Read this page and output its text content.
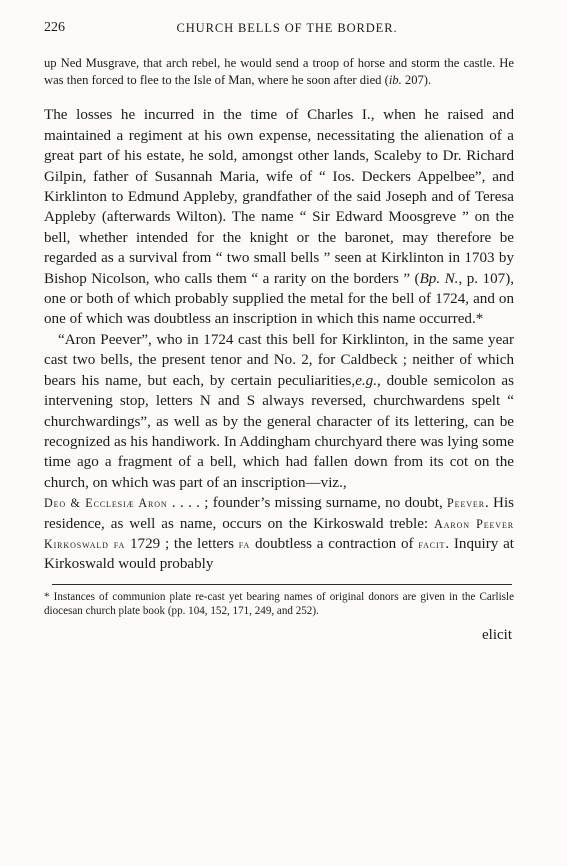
226	CHURCH BELLS OF THE BORDER.
up Ned Musgrave, that arch rebel, he would send a troop of horse and storm the castle. He was then forced to flee to the Isle of Man, where he soon after died (ib. 207).

The losses he incurred in the time of Charles I., when he raised and maintained a regiment at his own expense, necessitating the alienation of a great part of his estate, he sold, amongst other lands, Scaleby to Dr. Richard Gilpin, father of Susannah Maria, wife of “ Ios. Deckers Appelbee”, and Kirklinton to Edmund Appleby, grandfather of the said Joseph and of Teresa Appleby (afterwards Wilton). The name “ Sir Edward Moosgreve ” on the bell, whether intended for the knight or the baronet, may therefore be regarded as a survival from “ two small bells ” seen at Kirklinton in 1703 by Bishop Nicolson, who calls them “ a rarity on the borders ” (Bp. N., p. 107), one or both of which probably supplied the metal for the bell of 1724, and on one of which was doubtless an inscription in which this name occurred.*

“Aron Peever”, who in 1724 cast this bell for Kirklinton, in the same year cast two bells, the present tenor and No. 2, for Caldbeck ; neither of which bears his name, but each, by certain peculiarities,e.g., double semicolon as intervening stop, letters N and S always reversed, churchwardens spelt “ churchwardings”, as well as by the general character of its lettering, can be recognized as his handiwork. In Addingham churchyard there was lying some time ago a fragment of a bell, which had fallen down from its cot on the church, on which was part of an inscription—viz.,
Deo & Ecclesiæ Aron . . . . ; founder’s missing surname, no doubt, Peever. His residence, as well as name, occurs on the Kirkoswald treble: Aaron Peever Kirkoswald fa 1729 ; the letters fa doubtless a contraction of facit. Inquiry at Kirkoswald would probably

* Instances of communion plate re-cast yet bearing names of original donors are given in the Carlisle diocesan church plate book (pp. 104, 152, 171, 249, and 252).
elicit
